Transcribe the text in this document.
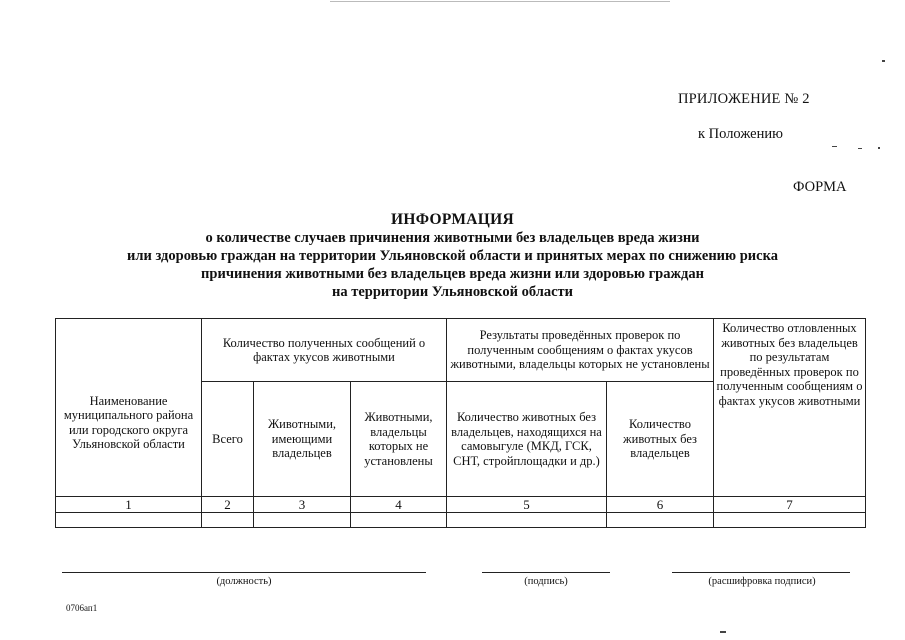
ПРИЛОЖЕНИЕ № 2
к Положению
ФОРМА
ИНФОРМАЦИЯ
о количестве случаев причинения животными без владельцев вреда жизни
или здоровью граждан на территории Ульяновской области и принятых мерах по снижению риска
причинения животными без владельцев вреда жизни или здоровью граждан
на территории Ульяновской области
Наименование муниципального района или городского округа Ульяновской области	Количество полученных сообщений о фактах укусов животными			Результаты проведённых проверок по полученным сообщениям о фактах укусов животными, владельцы которых не установлены		Количество отловленных животных без владельцев по результатам проведённых проверок по полученным сообщениям о фактах укусов животными
	Всего	Животными, имеющими владельцев	Животными, владельцы которых не установлены	Количество животных без владельцев, находящихся на самовыгуле (МКД, ГСК, СНТ, стройплощадки и др.)	Количество животных без владельцев	
1	2	3	4	5	6	7

(должность)	(подпись)	(расшифровка подписи)
0706ап1
